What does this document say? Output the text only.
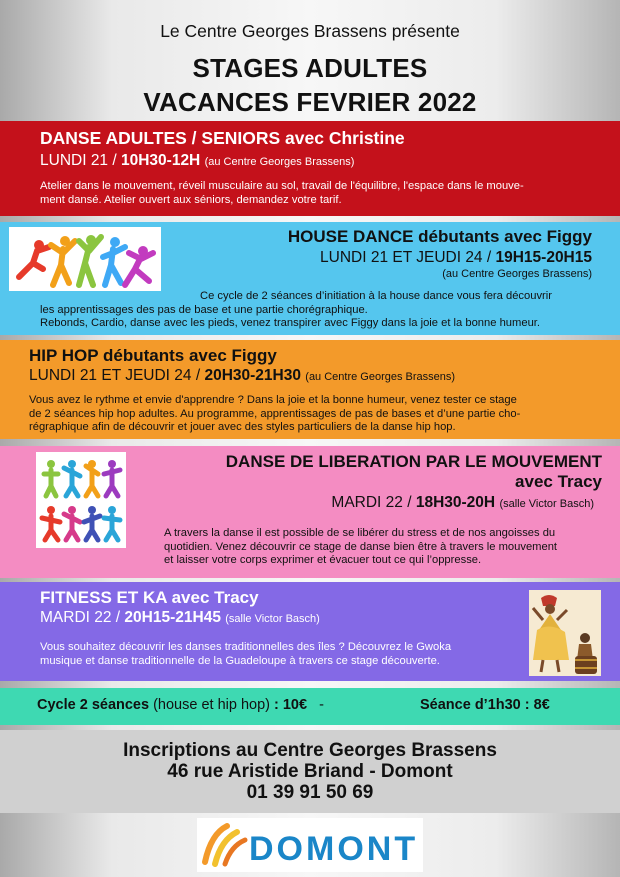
Le Centre Georges Brassens présente
STAGES ADULTES
VACANCES FEVRIER 2022
DANSE ADULTES / SENIORS avec Christine
LUNDI 21 / 10H30-12H (au Centre Georges Brassens)
Atelier dans le mouvement, réveil musculaire au sol, travail de l'équilibre, l'espace dans le mouve-
ment dansé. Atelier ouvert aux séniors, demandez votre tarif.
HOUSE DANCE débutants avec Figgy
LUNDI 21 ET JEUDI 24 / 19H15-20H15
(au Centre Georges Brassens)
Ce cycle de 2 séances d’initiation à la house dance vous fera découvrir
les apprentissages des pas de base et une partie chorégraphique.
Rebonds, Cardio, danse avec les pieds, venez transpirer avec Figgy dans la joie et la bonne humeur.
HIP HOP débutants avec Figgy
LUNDI 21 ET JEUDI 24 / 20H30-21H30 (au Centre Georges Brassens)
Vous avez le rythme et envie d'apprendre ? Dans la joie et la bonne humeur, venez tester ce stage
de 2 séances hip hop adultes. Au programme, apprentissages de pas de bases et d’une partie cho-
régraphique afin de découvrir et jouer avec des styles particuliers de la danse hip hop.
DANSE DE LIBERATION PAR LE MOUVEMENT
avec Tracy
MARDI 22 / 18H30-20H (salle Victor Basch)
A travers la danse il est possible de se libérer du stress et de nos angoisses du
quotidien. Venez découvrir ce stage de danse bien être à travers le mouvement
et laisser votre corps exprimer et évacuer tout ce qui l’oppresse.
FITNESS ET KA avec Tracy
MARDI 22 / 20H15-21H45 (salle Victor Basch)
Vous souhaitez découvrir les danses traditionnelles des îles ? Découvrez le Gwoka
musique et danse traditionnelle de la Guadeloupe à travers ce stage découverte.
Cycle 2 séances (house et hip hop) : 10€ -	Séance d’1h30 : 8€
Inscriptions au Centre Georges Brassens
46 rue Aristide Briand - Domont
01 39 91 50 69
DOMONT
